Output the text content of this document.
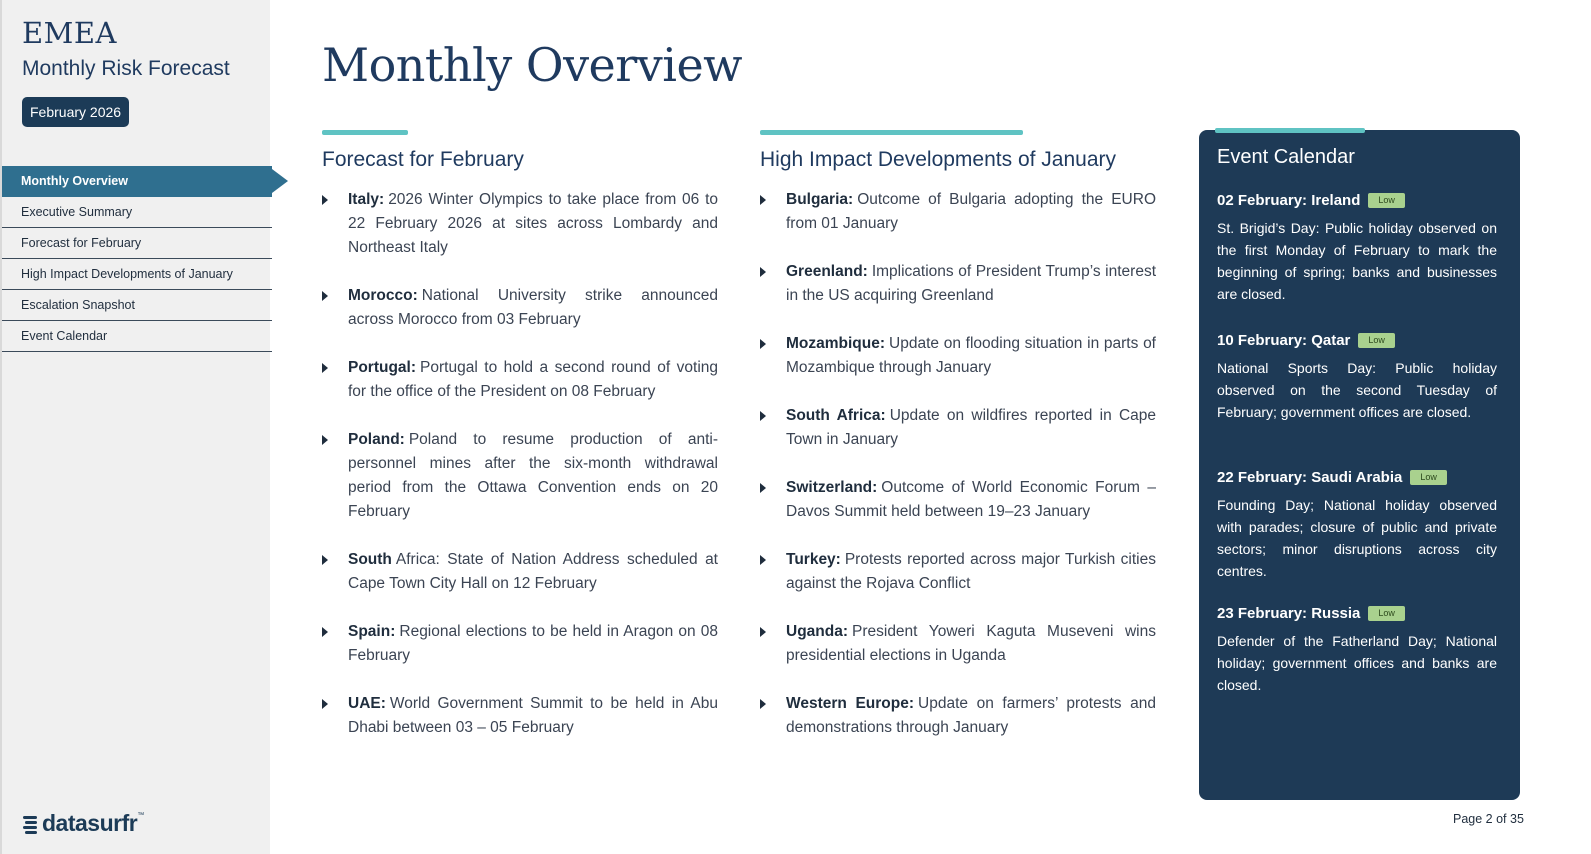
EMEA
Monthly Risk Forecast
February 2026
Monthly Overview
Executive Summary
Forecast for February
High Impact Developments of January
Escalation Snapshot
Event Calendar
datasurfr ™
Monthly Overview
Forecast for February
Italy: 2026 Winter Olympics to take place from 06 to 22 February 2026 at sites across Lombardy and Northeast Italy
Morocco: National University strike announced across Morocco from 03 February
Portugal: Portugal to hold a second round of voting for the office of the President on 08 February
Poland: Poland to resume production of anti-personnel mines after the six-month withdrawal period from the Ottawa Convention ends on 20 February
South Africa: State of Nation Address scheduled at Cape Town City Hall on 12 February
Spain: Regional elections to be held in Aragon on 08 February
UAE: World Government Summit to be held in Abu Dhabi between 03 – 05 February
High Impact Developments of January
Bulgaria: Outcome of Bulgaria adopting the EURO from 01 January
Greenland: Implications of President Trump’s interest in the US acquiring Greenland
Mozambique: Update on flooding situation in parts of Mozambique through January
South Africa: Update on wildfires reported in Cape Town in January
Switzerland: Outcome of World Economic Forum – Davos Summit held between 19–23 January
Turkey: Protests reported across major Turkish cities against the Rojava Conflict
Uganda: President Yoweri Kaguta Museveni wins presidential elections in Uganda
Western Europe: Update on farmers’ protests and demonstrations through January
Event Calendar
02 February: Ireland	Low
St. Brigid’s Day: Public holiday observed on the first Monday of February to mark the beginning of spring; banks and businesses are closed.
10 February: Qatar	Low
National Sports Day: Public holiday observed on the second Tuesday of February; government offices are closed.
22 February: Saudi Arabia	Low
Founding Day; National holiday observed with parades; closure of public and private sectors; minor disruptions across city centres.
23 February: Russia	Low
Defender of the Fatherland Day; National holiday; government offices and banks are closed.
Page 2 of 35
